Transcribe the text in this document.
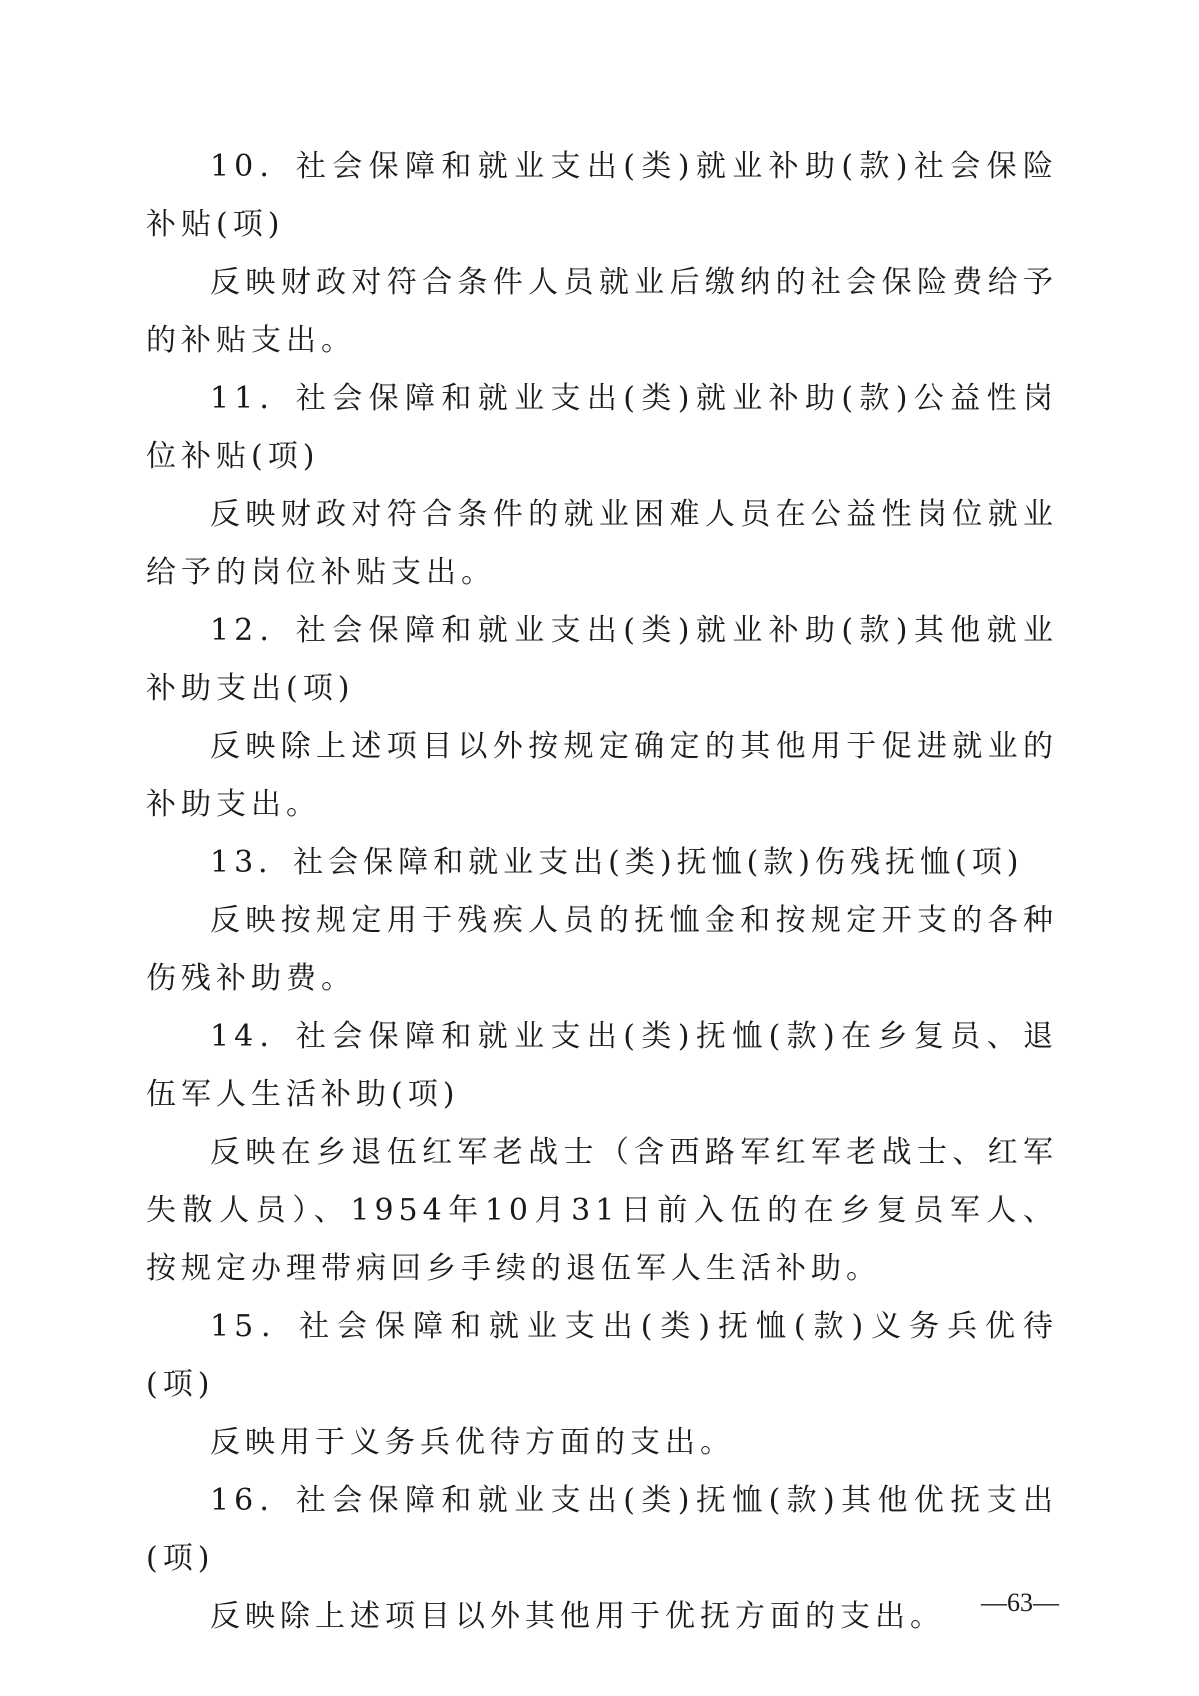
10．社会保障和就业支出(类)就业补助(款)社会保险补贴(项)

反映财政对符合条件人员就业后缴纳的社会保险费给予的补贴支出。

11．社会保障和就业支出(类)就业补助(款)公益性岗位补贴(项)

反映财政对符合条件的就业困难人员在公益性岗位就业给予的岗位补贴支出。

12．社会保障和就业支出(类)就业补助(款)其他就业补助支出(项)

反映除上述项目以外按规定确定的其他用于促进就业的补助支出。

13．社会保障和就业支出(类)抚恤(款)伤残抚恤(项)

反映按规定用于残疾人员的抚恤金和按规定开支的各种伤残补助费。

14．社会保障和就业支出(类)抚恤(款)在乡复员、退伍军人生活补助(项)

反映在乡退伍红军老战士（含西路军红军老战士、红军失散人员）、1954年10月31日前入伍的在乡复员军人、按规定办理带病回乡手续的退伍军人生活补助。

15．社会保障和就业支出(类)抚恤(款)义务兵优待(项)

反映用于义务兵优待方面的支出。

16．社会保障和就业支出(类)抚恤(款)其他优抚支出(项)

反映除上述项目以外其他用于优抚方面的支出。	—63—
